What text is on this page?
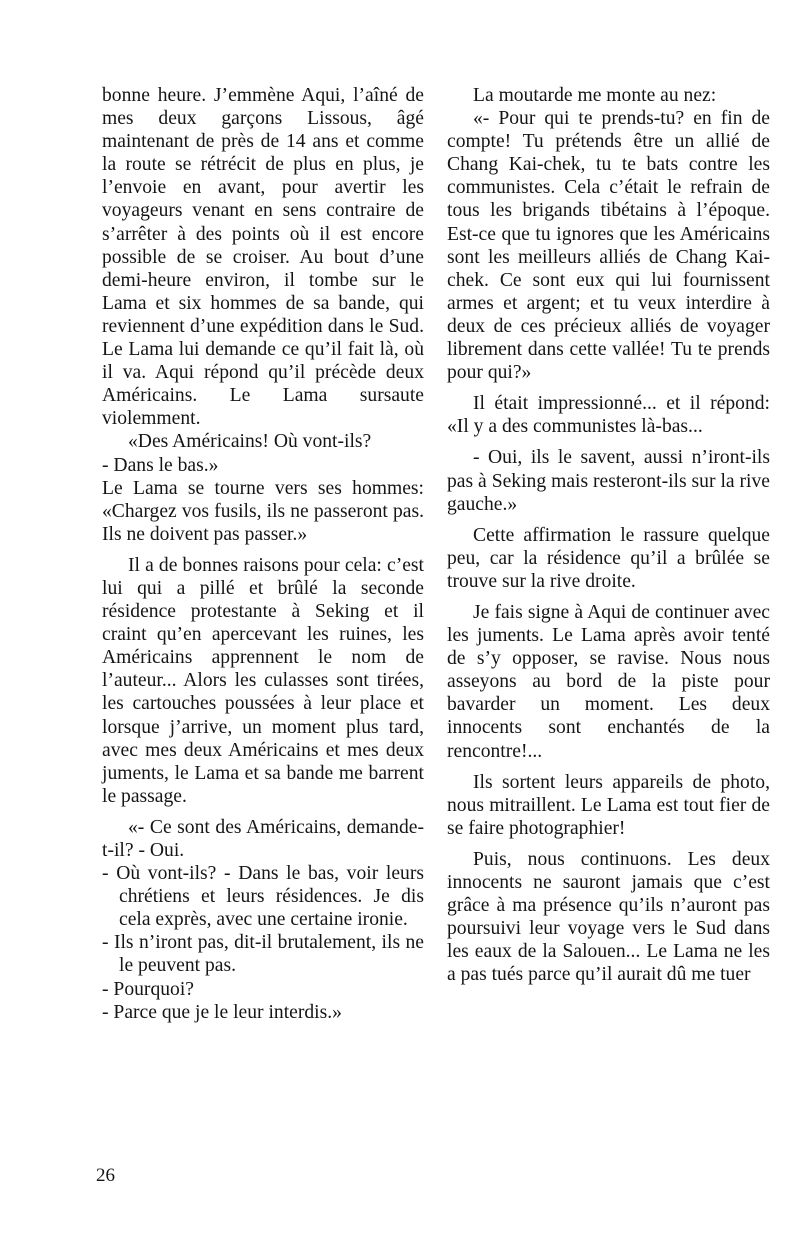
bonne heure. J’emmène Aqui, l’aîné de mes deux garçons Lissous, âgé maintenant de près de 14 ans et comme la route se rétrécit de plus en plus, je l’envoie en avant, pour avertir les voyageurs venant en sens contraire de s’arrêter à des points où il est encore possible de se croiser. Au bout d’une demi-heure environ, il tombe sur le Lama et six hommes de sa bande, qui reviennent d’une expédition dans le Sud. Le Lama lui demande ce qu’il fait là, où il va. Aqui répond qu’il précède deux Américains. Le Lama sursaute violemment.

«Des Américains! Où vont-ils?

- Dans le bas.»

Le Lama se tourne vers ses hommes: «Chargez vos fusils, ils ne passeront pas. Ils ne doivent pas passer.»

Il a de bonnes raisons pour cela: c’est lui qui a pillé et brûlé la seconde résidence protestante à Seking et il craint qu’en apercevant les ruines, les Américains apprennent le nom de l’auteur... Alors les culasses sont tirées, les cartouches poussées à leur place et lorsque j’arrive, un moment plus tard, avec mes deux Américains et mes deux juments, le Lama et sa bande me barrent le passage.

«- Ce sont des Américains, demande-t-il? - Oui.

- Où vont-ils? - Dans le bas, voir leurs chrétiens et leurs résidences. Je dis cela exprès, avec une certaine ironie.

- Ils n’iront pas, dit-il brutalement, ils ne le peuvent pas.

- Pourquoi?

- Parce que je le leur interdis.»

La moutarde me monte au nez:

«- Pour qui te prends-tu? en fin de compte! Tu prétends être un allié de Chang Kai-chek, tu te bats contre les communistes. Cela c’était le refrain de tous les brigands tibétains à l’époque. Est-ce que tu ignores que les Américains sont les meilleurs alliés de Chang Kai-chek. Ce sont eux qui lui fournissent armes et argent; et tu veux interdire à deux de ces précieux alliés de voyager librement dans cette vallée! Tu te prends pour qui?»

Il était impressionné... et il répond: «Il y a des communistes là-bas...

- Oui, ils le savent, aussi n’iront-ils pas à Seking mais resteront-ils sur la rive gauche.»

Cette affirmation le rassure quelque peu, car la résidence qu’il a brûlée se trouve sur la rive droite.

Je fais signe à Aqui de continuer avec les juments. Le Lama après avoir tenté de s’y opposer, se ravise. Nous nous asseyons au bord de la piste pour bavarder un moment. Les deux innocents sont enchantés de la rencontre!...

Ils sortent leurs appareils de photo, nous mitraillent. Le Lama est tout fier de se faire photographier!

Puis, nous continuons. Les deux innocents ne sauront jamais que c’est grâce à ma présence qu’ils n’auront pas poursuivi leur voyage vers le Sud dans les eaux de la Salouen... Le Lama ne les a pas tués parce qu’il aurait dû me tuer

26
